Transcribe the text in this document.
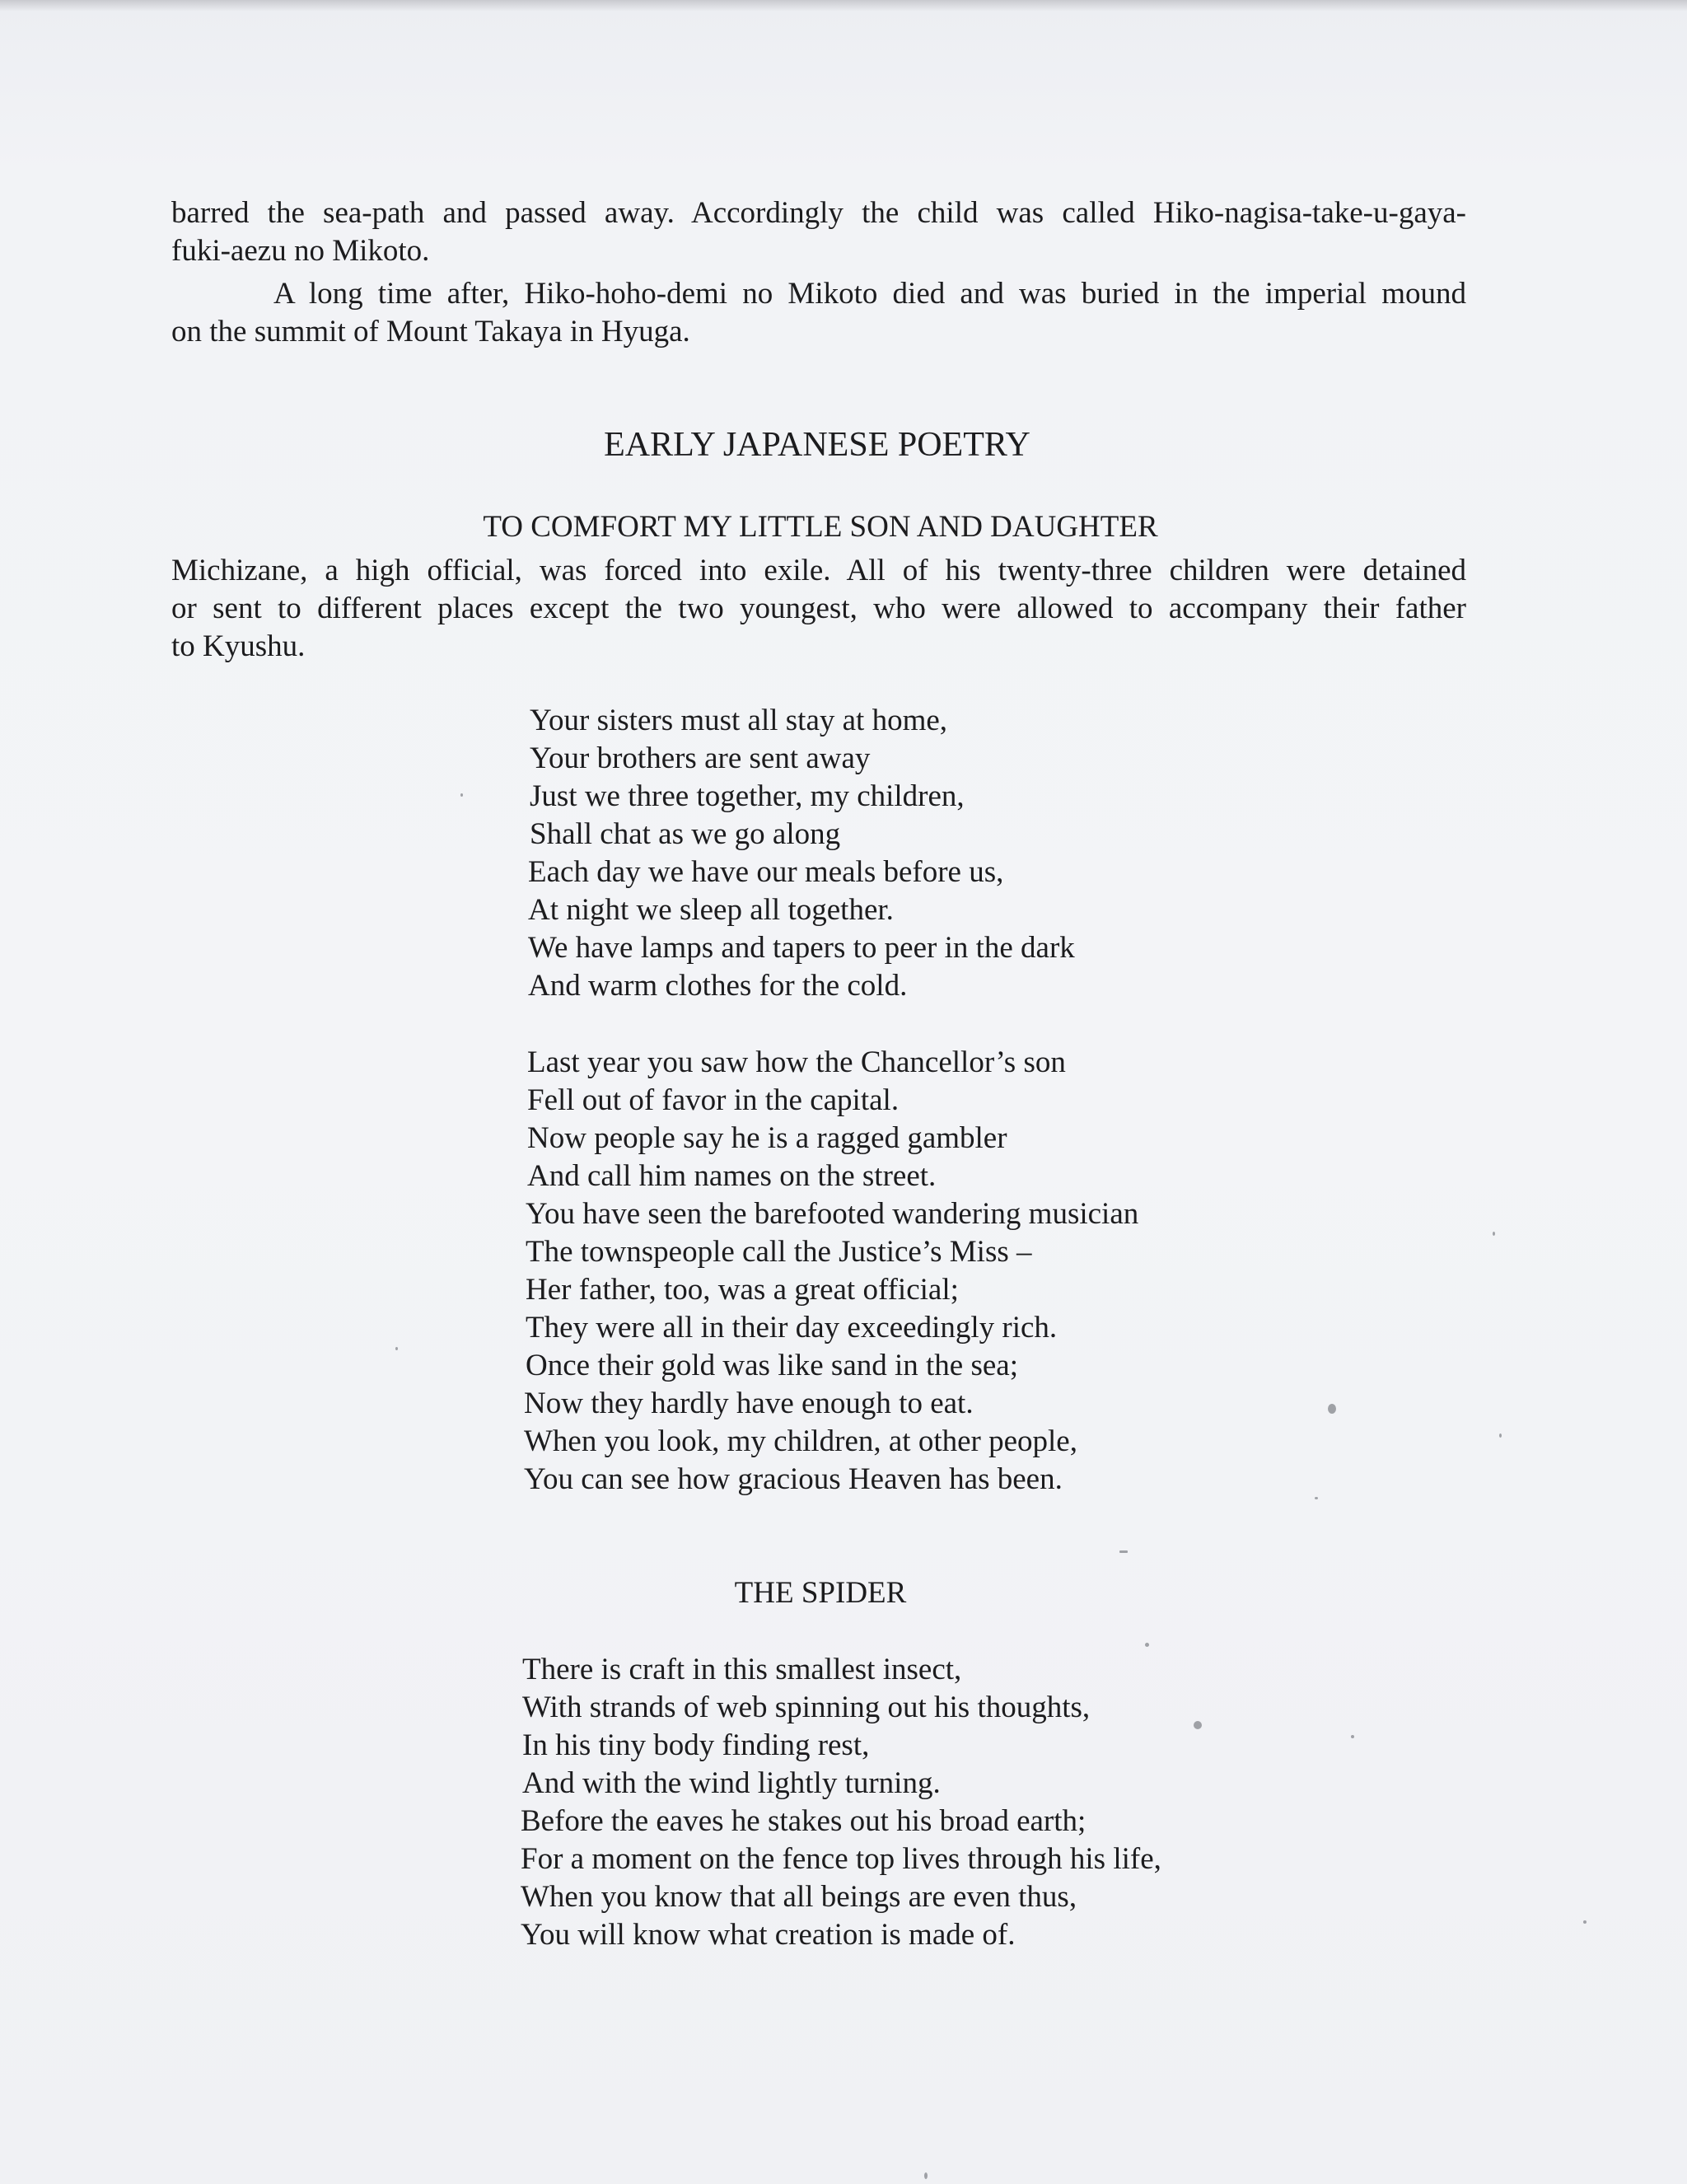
barred the sea-path and passed away. Accordingly the child was called Hiko-nagisa-take-u-gaya-
fuki-aezu no Mikoto.
A long time after, Hiko-hoho-demi no Mikoto died and was buried in the imperial mound
on the summit of Mount Takaya in Hyuga.
EARLY JAPANESE POETRY
TO COMFORT MY LITTLE SON AND DAUGHTER
Michizane, a high official, was forced into exile. All of his twenty-three children were detained
or sent to different places except the two youngest, who were allowed to accompany their father
to Kyushu.
Your sisters must all stay at home,
Your brothers are sent away
Just we three together, my children,
Shall chat as we go along
Each day we have our meals before us,
At night we sleep all together.
We have lamps and tapers to peer in the dark
And warm clothes for the cold.
Last year you saw how the Chancellor’s son
Fell out of favor in the capital.
Now people say he is a ragged gambler
And call him names on the street.
You have seen the barefooted wandering musician
The townspeople call the Justice’s Miss –
Her father, too, was a great official;
They were all in their day exceedingly rich.
Once their gold was like sand in the sea;
Now they hardly have enough to eat.
When you look, my children, at other people,
You can see how gracious Heaven has been.
THE SPIDER
There is craft in this smallest insect,
With strands of web spinning out his thoughts,
In his tiny body finding rest,
And with the wind lightly turning.
Before the eaves he stakes out his broad earth;
For a moment on the fence top lives through his life,
When you know that all beings are even thus,
You will know what creation is made of.
